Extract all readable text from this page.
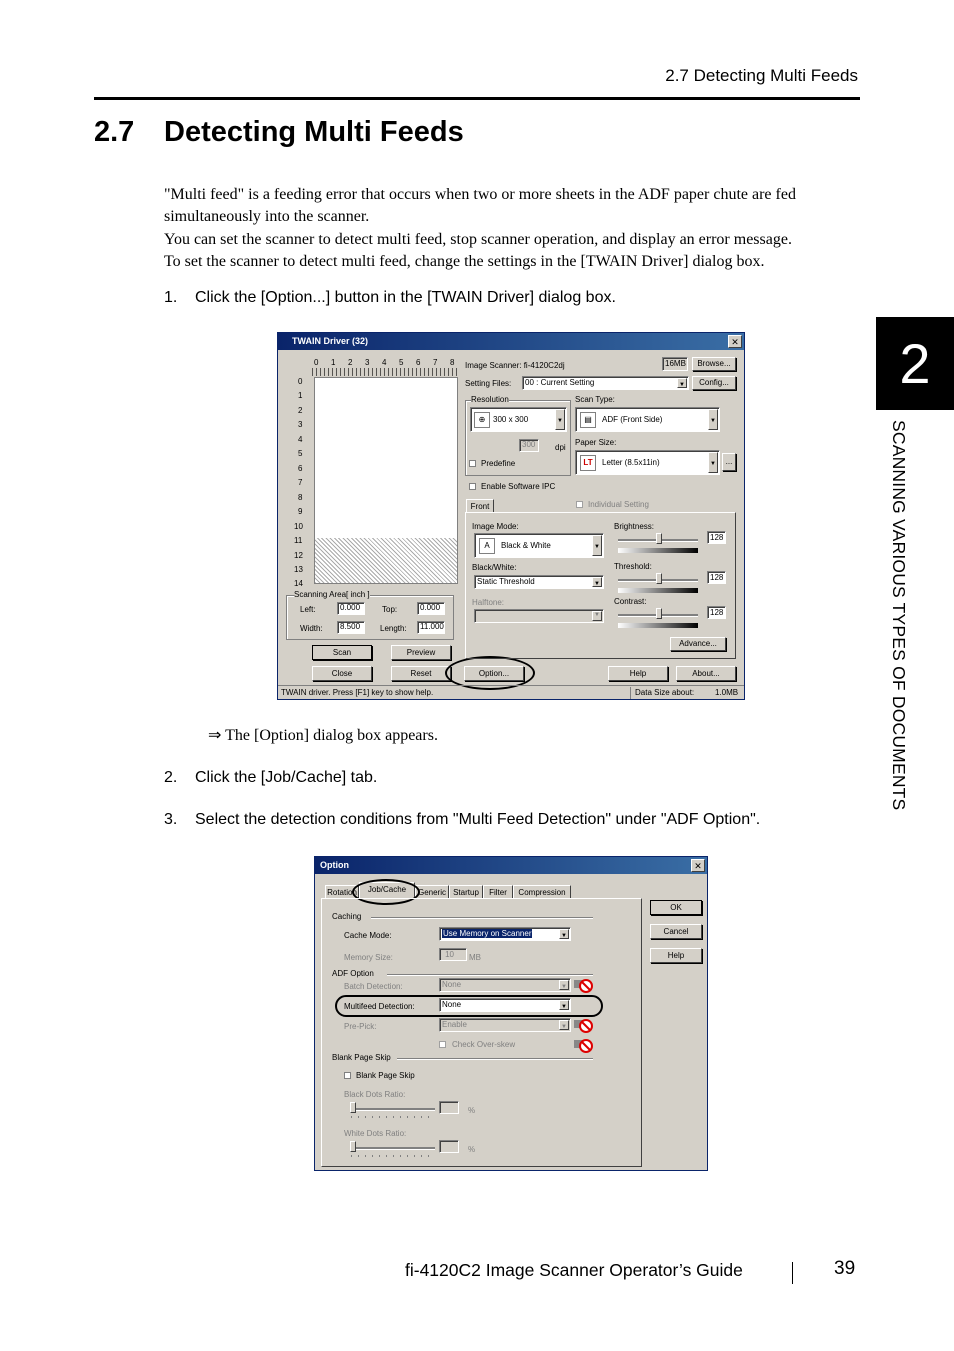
2.7 Detecting Multi Feeds
2.7 Detecting Multi Feeds
"Multi feed" is a feeding error that occurs when two or more sheets in the ADF paper chute are fed simultaneously into the scanner.
You can set the scanner to detect multi feed, stop scanner operation, and display an error message.
To set the scanner to detect multi feed, change the settings in the [TWAIN Driver] dialog box.
1. Click the [Option...] button in the [TWAIN Driver] dialog box.
TWAIN Driver (32)	✕
0 1 2 3 4 5 6 7 8
0
1
2
3
4
5
6
7
8
9
10
11
12
13
14
Scanning Area[ inch ]
Left:	0.000	Top:	0.000
Width:	8.500	Length:	11.000
Scan	Preview
Close	Reset	Option...	Help	About...
Image Scanner: fi-4120C2dj	16MB	Browse...
Setting Files:	00 : Current Setting	▼	Config...
Resolution
⊕ 300 x 300	▼
300	dpi
Predefine
Scan Type:
▤	ADF (Front Side)	▼
Paper Size:
LT	Letter (8.5x11in)	▼	...
Enable Software IPC
Front	Individual Setting
Image Mode:
A	Black & White	▼
Black/White:
Static Threshold	▼
Halftone:
▼
Brightness:
128
Threshold:
128
Contrast:
128
Advance...
TWAIN driver. Press [F1] key to show help.	Data Size about:	1.0MB
⇒ The [Option] dialog box appears.
2. Click the [Job/Cache] tab.
3. Select the detection conditions from "Multi Feed Detection" under "ADF Option".
Option	✕
Rotation	Job/Cache	Generic Startup	Filter	Compression
OK
Cancel
Help
Caching
Cache Mode:	Use Memory on Scanner	▼
Memory Size:	10	MB
ADF Option
Batch Detection:	None	▼
Multifeed Detection:	None	▼
Pre-Pick:	Enable	▼
Check Over-skew
Blank Page Skip
Blank Page Skip
Black Dots Ratio:
%
White Dots Ratio:
%
2
SCANNING VARIOUS TYPES OF DOCUMENTS
fi-4120C2 Image Scanner Operator’s Guide	39
